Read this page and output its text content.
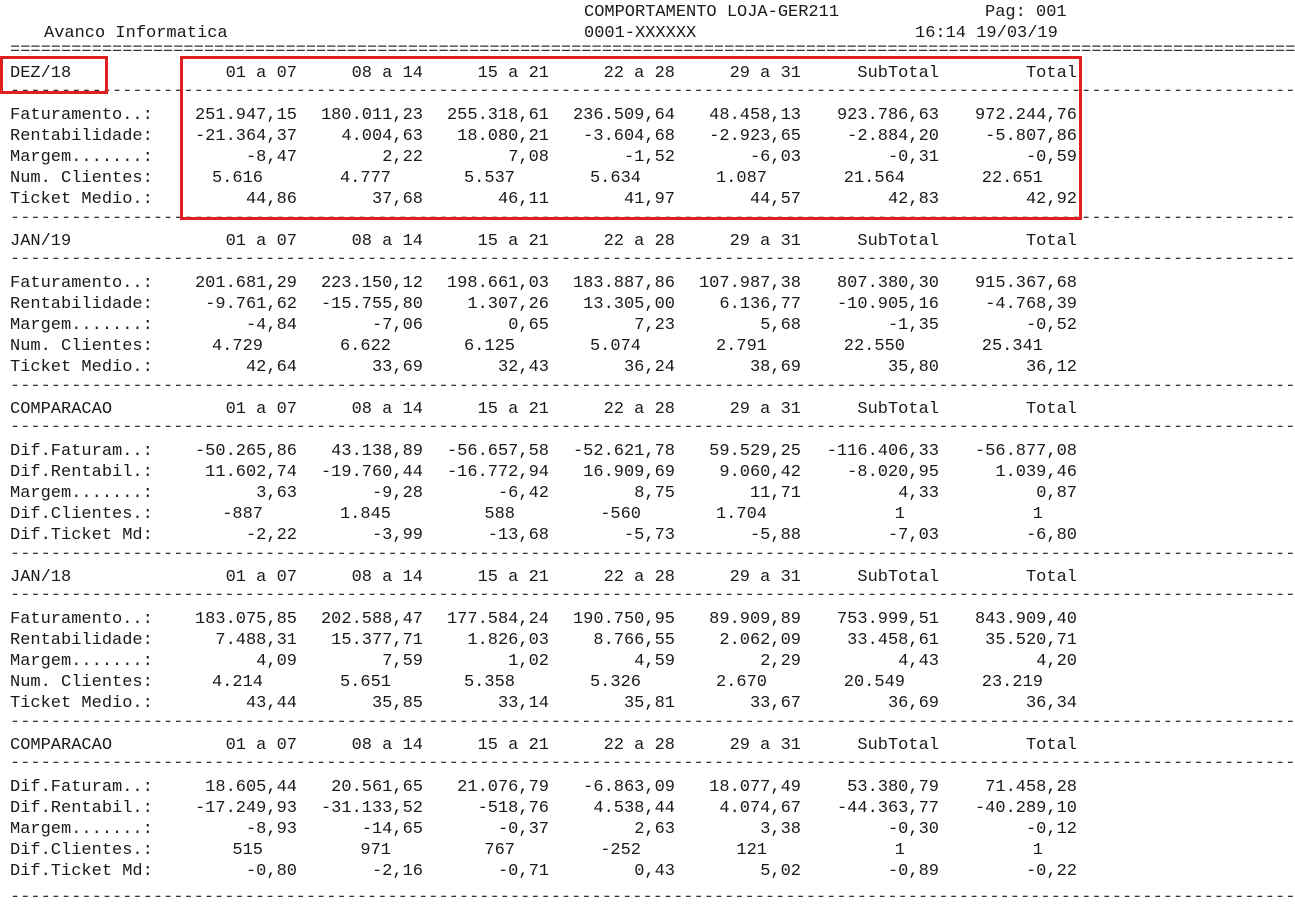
Avanco Informatica
COMPORTAMENTO LOJA-GER211
0001-XXXXXX
Pag: 001
16:14 19/03/19
DEZ/18	01 a 07	08 a 14	15 a 21	22 a 28	29 a 31	SubTotal	Total
Faturamento..: 251.947,15 180.011,23 255.318,61 236.509,64 48.458,13 923.786,63 972.244,76
Rentabilidade: -21.364,37	4.004,63 18.080,21 -3.604,68 -2.923,65	-2.884,20	-5.807,86
Margem.......:	-8,47	2,22	7,08	-1,52	-6,03	-0,31	-0,59
Num. Clientes:	5.616	4.777	5.537	5.634	1.087	21.564	22.651
Ticket Medio.:	44,86	37,68	46,11	41,97	44,57	42,83	42,92
==============================================================================================================================
------------------------------------------------------------------------------------------------------------------------------
JAN/19	01 a 07	08 a 14	15 a 21	22 a 28	29 a 31	SubTotal	Total
Faturamento..: 201.681,29 223.150,12 198.661,03 183.887,86 107.987,38 807.380,30 915.367,68
Rentabilidade:	-9.761,62 -15.755,80	1.307,26 13.305,00	6.136,77 -10.905,16	-4.768,39
Margem.......:	-4,84	-7,06	0,65	7,23	5,68	-1,35	-0,52
Num. Clientes:	4.729	6.622	6.125	5.074	2.791	22.550	25.341
Ticket Medio.:	42,64	33,69	32,43	36,24	38,69	35,80	36,12
------------------------------------------------------------------------------------------------------------------------------
------------------------------------------------------------------------------------------------------------------------------
COMPARACAO	01 a 07	08 a 14	15 a 21	22 a 28	29 a 31	SubTotal	Total
Dif.Faturam..: -50.265,86 43.138,89 -56.657,58 -52.621,78 59.529,25 -116.406,33 -56.877,08
Dif.Rentabil.:	11.602,74 -19.760,44 -16.772,94 16.909,69	9.060,42	-8.020,95	1.039,46
Margem.......:	3,63	-9,28	-6,42	8,75	11,71	4,33	0,87
Dif.Clientes.:	-887	1.845	588	-560	1.704	1	1
Dif.Ticket Md:	-2,22	-3,99	-13,68	-5,73	-5,88	-7,03	-6,80
------------------------------------------------------------------------------------------------------------------------------
------------------------------------------------------------------------------------------------------------------------------
JAN/18	01 a 07	08 a 14	15 a 21	22 a 28	29 a 31	SubTotal	Total
Faturamento..: 183.075,85 202.588,47 177.584,24 190.750,95 89.909,89 753.999,51 843.909,40
Rentabilidade:	7.488,31 15.377,71	1.826,03	8.766,55	2.062,09	33.458,61	35.520,71
Margem.......:	4,09	7,59	1,02	4,59	2,29	4,43	4,20
Num. Clientes:	4.214	5.651	5.358	5.326	2.670	20.549	23.219
Ticket Medio.:	43,44	35,85	33,14	35,81	33,67	36,69	36,34
------------------------------------------------------------------------------------------------------------------------------
------------------------------------------------------------------------------------------------------------------------------
COMPARACAO	01 a 07	08 a 14	15 a 21	22 a 28	29 a 31	SubTotal	Total
Dif.Faturam..:	18.605,44 20.561,65 21.076,79 -6.863,09 18.077,49	53.380,79	71.458,28
Dif.Rentabil.: -17.249,93 -31.133,52	-518,76	4.538,44	4.074,67 -44.363,77 -40.289,10
Margem.......:	-8,93	-14,65	-0,37	2,63	3,38	-0,30	-0,12
Dif.Clientes.:	515	971	767	-252	121	1	1
Dif.Ticket Md:	-0,80	-2,16	-0,71	0,43	5,02	-0,89	-0,22
------------------------------------------------------------------------------------------------------------------------------
------------------------------------------------------------------------------------------------------------------------------
------------------------------------------------------------------------------------------------------------------------------
